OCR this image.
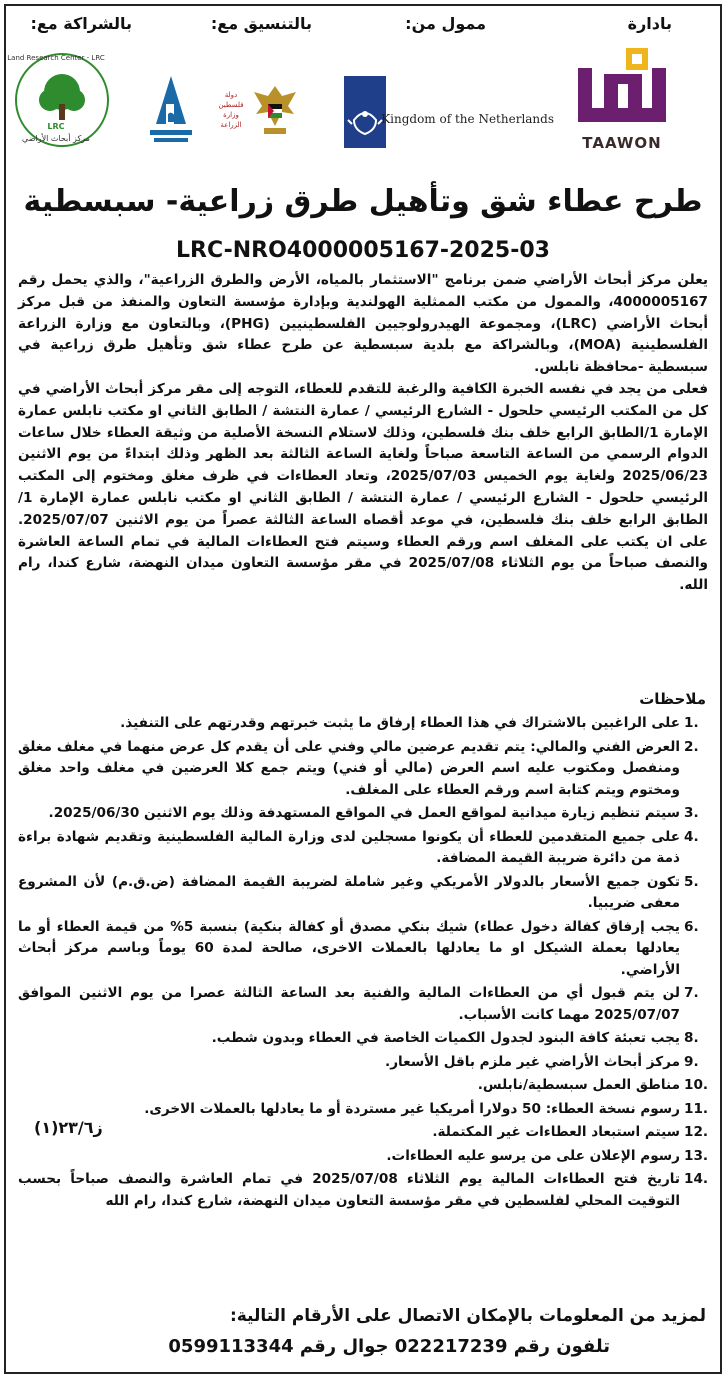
بادارة
ممول من:
بالتنسيق مع:
بالشراكة مع:
TAAWON
Kingdom of the Netherlands
دولة فلسطين
وزارة الزراعة
Land Research Center - LRC
LRC
مركز أبحاث الأراضي
طرح عطاء شق وتأهيل طرق زراعية- سبسطية
LRC-NRO4000005167-2025-03

يعلن مركز أبحاث الأراضي ضمن برنامج "الاستثمار بالمياه، الأرض والطرق الزراعية"، والذي يحمل رقم 4000005167، والممول من مكتب الممثلية الهولندية وبإدارة مؤسسة التعاون والمنفذ من قبل مركز أبحاث الأراضي (LRC)، ومجموعة الهيدرولوجيين الفلسطينيين (PHG)، وبالتعاون مع وزارة الزراعة الفلسطينية (MOA)، وبالشراكة مع بلدية سبسطية عن طرح عطاء شق وتأهيل طرق زراعية في سبسطية -محافظة نابلس.

فعلى من يجد في نفسه الخبرة الكافية والرغبة للتقدم للعطاء، التوجه إلى مقر مركز أبحاث الأراضي في كل من المكتب الرئيسي حلحول - الشارع الرئيسي / عمارة النتشة / الطابق الثاني او مكتب نابلس عمارة الإمارة 1/الطابق الرابع خلف بنك فلسطين، وذلك لاستلام النسخة الأصلية من وثيقة العطاء خلال ساعات الدوام الرسمي من الساعة التاسعة صباحاً ولغاية الساعة الثالثة بعد الظهر وذلك ابتداءً من يوم الاثنين 2025/06/23 ولغاية يوم الخميس 2025/07/03، وتعاد العطاءات في ظرف مغلق ومختوم إلى المكتب الرئيسي حلحول - الشارع الرئيسي / عمارة النتشة / الطابق الثاني او مكتب نابلس عمارة الإمارة 1/الطابق الرابع خلف بنك فلسطين، في موعد أقصاه الساعة الثالثة عصراً من يوم الاثنين 2025/07/07. على ان يكتب على المغلف اسم ورقم العطاء وسيتم فتح العطاءات المالية في تمام الساعة العاشرة والنصف صباحاً من يوم الثلاثاء 2025/07/08 في مقر مؤسسة التعاون ميدان النهضة، شارع كندا، رام الله.

ملاحظات
1.
على الراغبين بالاشتراك في هذا العطاء إرفاق ما يثبت خبرتهم وقدرتهم على التنفيذ.
2.
العرض الفني والمالي: يتم تقديم عرضين مالي وفني على أن يقدم كل عرض منهما في مغلف مغلق ومنفصل ومكتوب عليه اسم العرض (مالي أو فني) ويتم جمع كلا العرضين في مغلف واحد مغلق ومختوم ويتم كتابة اسم ورقم العطاء على المغلف.
3.
سيتم تنظيم زيارة ميدانية لمواقع العمل في المواقع المستهدفة وذلك يوم الاثنين 2025/06/30.
4.
على جميع المتقدمين للعطاء أن يكونوا مسجلين لدى وزارة المالية الفلسطينية وتقديم شهادة براءة ذمة من دائرة ضريبة القيمة المضافة.
5.
تكون جميع الأسعار بالدولار الأمريكي وغير شاملة لضريبة القيمة المضافة (ض.ق.م) لأن المشروع معفى ضريبيا.
6.
يجب إرفاق كفالة دخول عطاء) شيك بنكي مصدق أو كفالة بنكية) بنسبة 5% من قيمة العطاء أو ما يعادلها بعملة الشيكل او ما يعادلها بالعملات الاخرى، صالحة لمدة 60 يوماً وباسم مركز أبحاث الأراضي.
7.
لن يتم قبول أي من العطاءات المالية والفنية بعد الساعة الثالثة عصرا من يوم الاثنين الموافق 2025/07/07 مهما كانت الأسباب.
8.
يجب تعبئة كافة البنود لجدول الكميات الخاصة في العطاء وبدون شطب.
9.
مركز أبحاث الأراضي غير ملزم باقل الأسعار.
10.
مناطق العمل سبسطية/نابلس.
11.
رسوم نسخة العطاء: 50 دولارا أمريكيا غير مستردة أو ما يعادلها بالعملات الاخرى.
12.
سيتم استبعاد العطاءات غير المكتملة.
13.
رسوم الإعلان على من يرسو عليه العطاءات.
14.
تاريخ فتح العطاءات المالية يوم الثلاثاء 2025/07/08 في تمام العاشرة والنصف صباحاً بحسب التوقيت المحلي لفلسطين في مقر مؤسسة التعاون ميدان النهضة، شارع كندا، رام الله
ز٢٣/٦(١)
لمزيد من المعلومات بالإمكان الاتصال على الأرقام التالية:
تلفون رقم 022217239 جوال رقم 0599113344
